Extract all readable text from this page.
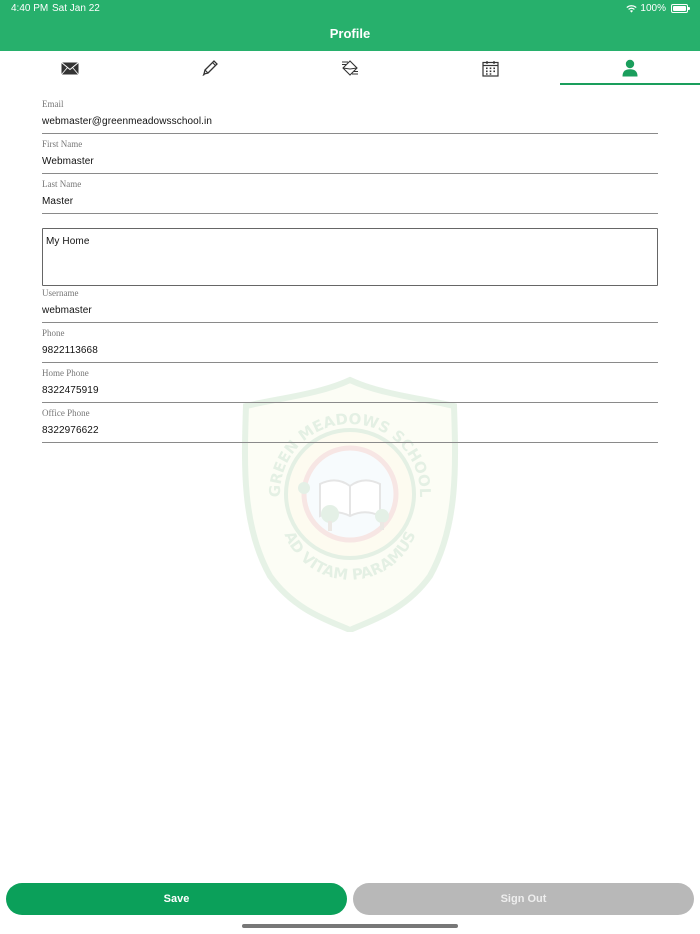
4:40 PM Sat Jan 22	100%
Profile
GREEN MEADOWS SCHOOL
AD VITAM PARAMUS
Email
webmaster@greenmeadowsschool.in
First Name
Webmaster
Last Name
Master
My Home
Username
webmaster
Phone
9822113668
Home Phone
8322475919
Office Phone
8322976622
Save	Sign Out
